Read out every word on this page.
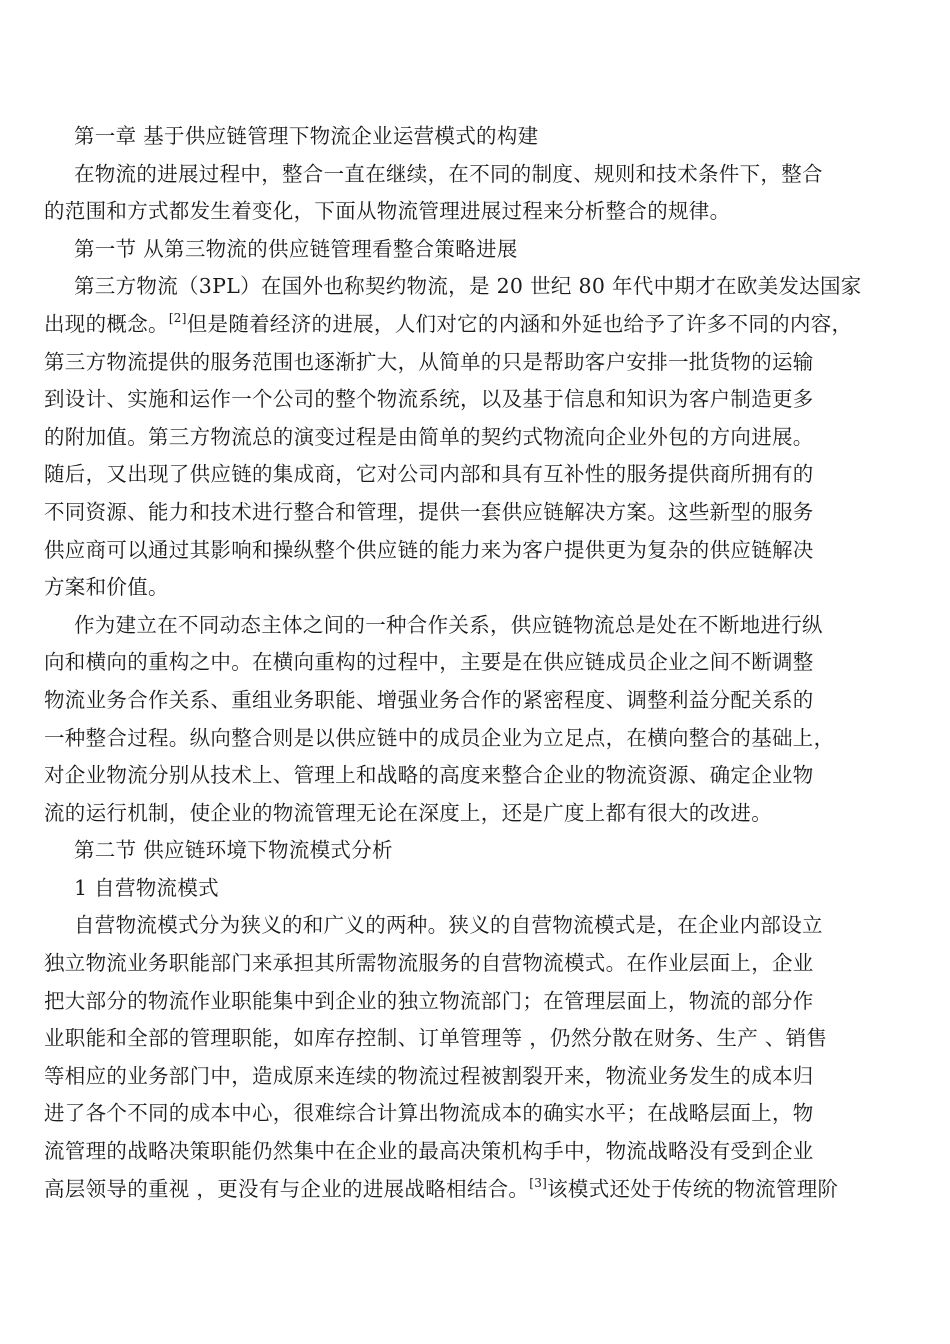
第一章 基于供应链管理下物流企业运营模式的构建
在物流的进展过程中，整合一直在继续，在不同的制度、规则和技术条件下，整合
的范围和方式都发生着变化，下面从物流管理进展过程来分析整合的规律。
第一节 从第三物流的供应链管理看整合策略进展
第三方物流（3PL）在国外也称契约物流，是 20 世纪 80 年代中期才在欧美发达国家
出现的概念。[2]但是随着经济的进展，人们对它的内涵和外延也给予了许多不同的内容，
第三方物流提供的服务范围也逐渐扩大，从简单的只是帮助客户安排一批货物的运输
到设计、实施和运作一个公司的整个物流系统，以及基于信息和知识为客户制造更多
的附加值。第三方物流总的演变过程是由简单的契约式物流向企业外包的方向进展。
随后，又出现了供应链的集成商，它对公司内部和具有互补性的服务提供商所拥有的
不同资源、能力和技术进行整合和管理，提供一套供应链解决方案。这些新型的服务
供应商可以通过其影响和操纵整个供应链的能力来为客户提供更为复杂的供应链解决
方案和价值。
作为建立在不同动态主体之间的一种合作关系，供应链物流总是处在不断地进行纵
向和横向的重构之中。在横向重构的过程中，主要是在供应链成员企业之间不断调整
物流业务合作关系、重组业务职能、增强业务合作的紧密程度、调整利益分配关系的
一种整合过程。纵向整合则是以供应链中的成员企业为立足点，在横向整合的基础上，
对企业物流分别从技术上、管理上和战略的高度来整合企业的物流资源、确定企业物
流的运行机制，使企业的物流管理无论在深度上，还是广度上都有很大的改进。
第二节 供应链环境下物流模式分析
1 自营物流模式
自营物流模式分为狭义的和广义的两种。狭义的自营物流模式是，在企业内部设立
独立物流业务职能部门来承担其所需物流服务的自营物流模式。在作业层面上，企业
把大部分的物流作业职能集中到企业的独立物流部门；在管理层面上，物流的部分作
业职能和全部的管理职能，如库存控制、订单管理等 ，仍然分散在财务、生产 、销售
等相应的业务部门中，造成原来连续的物流过程被割裂开来，物流业务发生的成本归
进了各个不同的成本中心，很难综合计算出物流成本的确实水平；在战略层面上，物
流管理的战略决策职能仍然集中在企业的最高决策机构手中，物流战略没有受到企业
高层领导的重视 ，更没有与企业的进展战略相结合。[3]该模式还处于传统的物流管理阶
